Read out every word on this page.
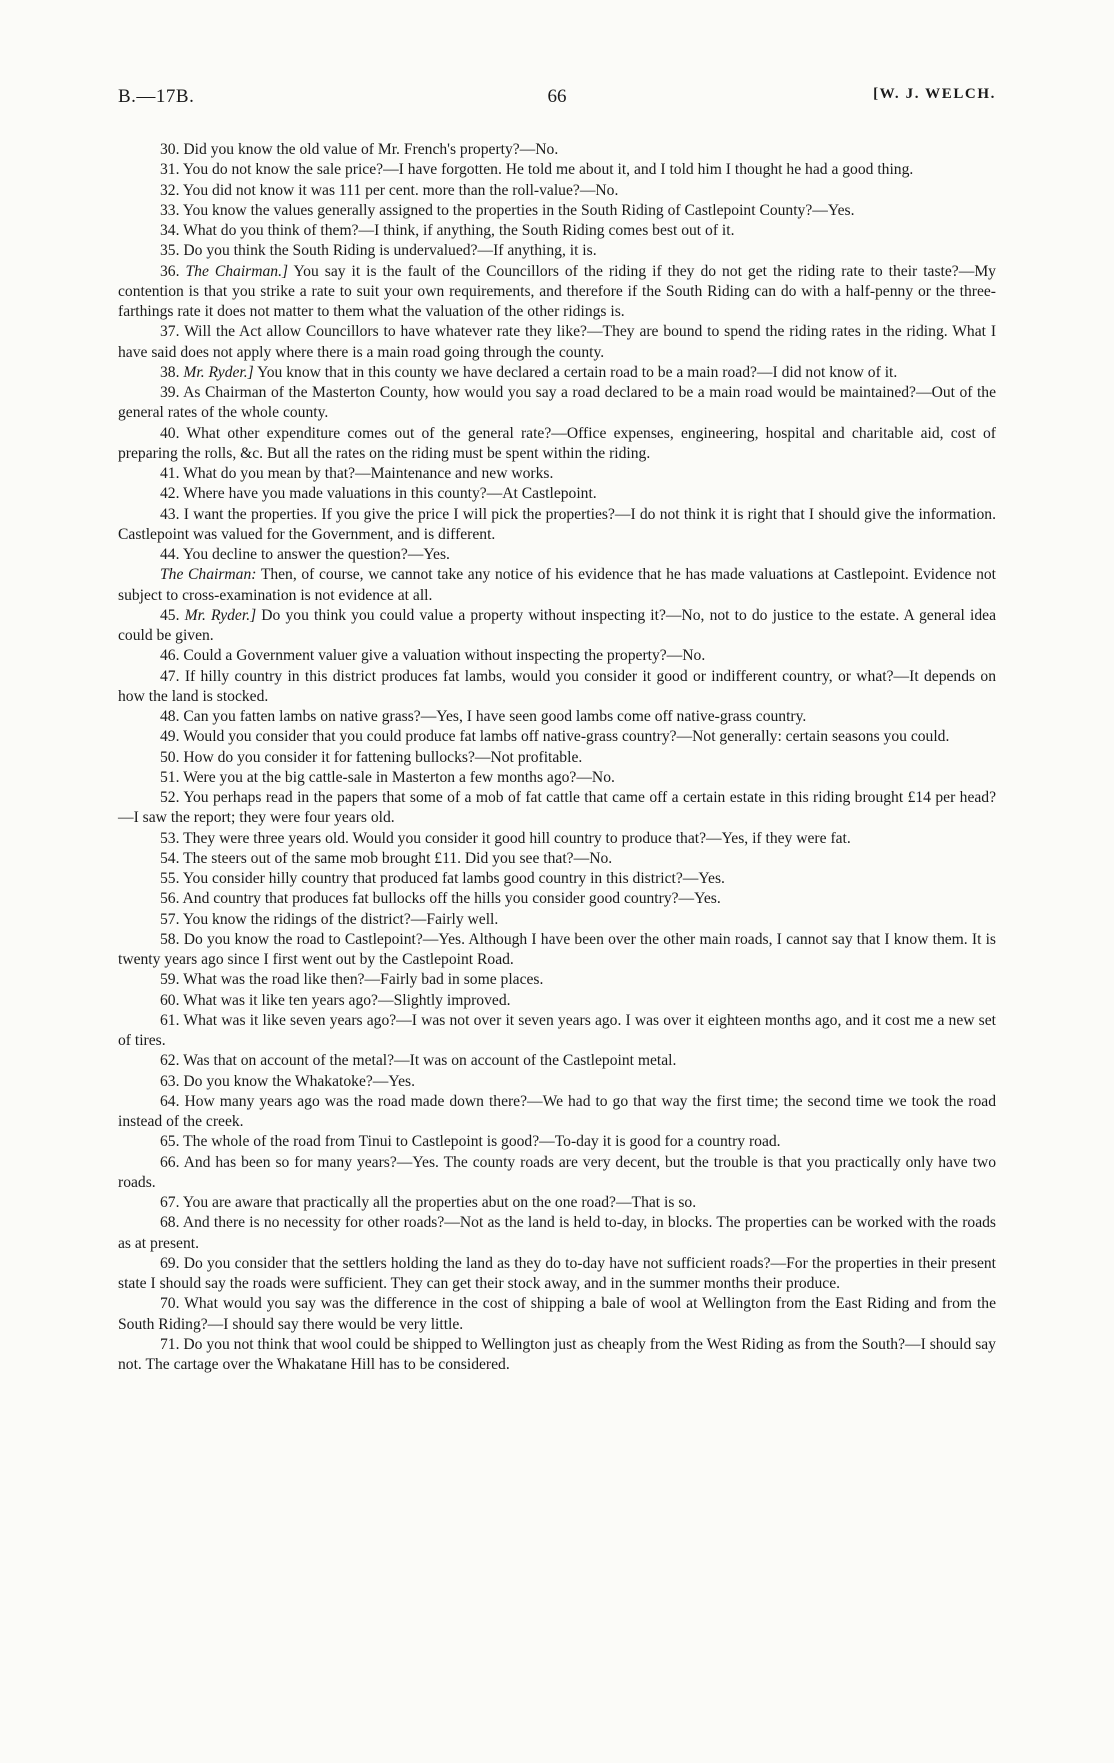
B.—17B.	66	[W. J. WELCH.

30. Did you know the old value of Mr. French's property?—No.

31. You do not know the sale price?—I have forgotten. He told me about it, and I told him I thought he had a good thing.

32. You did not know it was 111 per cent. more than the roll-value?—No.

33. You know the values generally assigned to the properties in the South Riding of Castlepoint County?—Yes.

34. What do you think of them?—I think, if anything, the South Riding comes best out of it.

35. Do you think the South Riding is undervalued?—If anything, it is.

36. The Chairman.] You say it is the fault of the Councillors of the riding if they do not get the riding rate to their taste?—My contention is that you strike a rate to suit your own requirements, and therefore if the South Riding can do with a half-penny or the three-farthings rate it does not matter to them what the valuation of the other ridings is.

37. Will the Act allow Councillors to have whatever rate they like?—They are bound to spend the riding rates in the riding. What I have said does not apply where there is a main road going through the county.

38. Mr. Ryder.] You know that in this county we have declared a certain road to be a main road?—I did not know of it.

39. As Chairman of the Masterton County, how would you say a road declared to be a main road would be maintained?—Out of the general rates of the whole county.

40. What other expenditure comes out of the general rate?—Office expenses, engineering, hospital and charitable aid, cost of preparing the rolls, &c. But all the rates on the riding must be spent within the riding.

41. What do you mean by that?—Maintenance and new works.

42. Where have you made valuations in this county?—At Castlepoint.

43. I want the properties. If you give the price I will pick the properties?—I do not think it is right that I should give the information. Castlepoint was valued for the Government, and is different.

44. You decline to answer the question?—Yes.

The Chairman: Then, of course, we cannot take any notice of his evidence that he has made valuations at Castlepoint. Evidence not subject to cross-examination is not evidence at all.

45. Mr. Ryder.] Do you think you could value a property without inspecting it?—No, not to do justice to the estate. A general idea could be given.

46. Could a Government valuer give a valuation without inspecting the property?—No.

47. If hilly country in this district produces fat lambs, would you consider it good or indifferent country, or what?—It depends on how the land is stocked.

48. Can you fatten lambs on native grass?—Yes, I have seen good lambs come off native-grass country.

49. Would you consider that you could produce fat lambs off native-grass country?—Not generally: certain seasons you could.

50. How do you consider it for fattening bullocks?—Not profitable.

51. Were you at the big cattle-sale in Masterton a few months ago?—No.

52. You perhaps read in the papers that some of a mob of fat cattle that came off a certain estate in this riding brought £14 per head?—I saw the report; they were four years old.

53. They were three years old. Would you consider it good hill country to produce that?—Yes, if they were fat.

54. The steers out of the same mob brought £11. Did you see that?—No.

55. You consider hilly country that produced fat lambs good country in this district?—Yes.

56. And country that produces fat bullocks off the hills you consider good country?—Yes.

57. You know the ridings of the district?—Fairly well.

58. Do you know the road to Castlepoint?—Yes. Although I have been over the other main roads, I cannot say that I know them. It is twenty years ago since I first went out by the Castlepoint Road.

59. What was the road like then?—Fairly bad in some places.

60. What was it like ten years ago?—Slightly improved.

61. What was it like seven years ago?—I was not over it seven years ago. I was over it eighteen months ago, and it cost me a new set of tires.

62. Was that on account of the metal?—It was on account of the Castlepoint metal.

63. Do you know the Whakatoke?—Yes.

64. How many years ago was the road made down there?—We had to go that way the first time; the second time we took the road instead of the creek.

65. The whole of the road from Tinui to Castlepoint is good?—To-day it is good for a country road.

66. And has been so for many years?—Yes. The county roads are very decent, but the trouble is that you practically only have two roads.

67. You are aware that practically all the properties abut on the one road?—That is so.

68. And there is no necessity for other roads?—Not as the land is held to-day, in blocks. The properties can be worked with the roads as at present.

69. Do you consider that the settlers holding the land as they do to-day have not sufficient roads?—For the properties in their present state I should say the roads were sufficient. They can get their stock away, and in the summer months their produce.

70. What would you say was the difference in the cost of shipping a bale of wool at Wellington from the East Riding and from the South Riding?—I should say there would be very little.

71. Do you not think that wool could be shipped to Wellington just as cheaply from the West Riding as from the South?—I should say not. The cartage over the Whakatane Hill has to be considered.
